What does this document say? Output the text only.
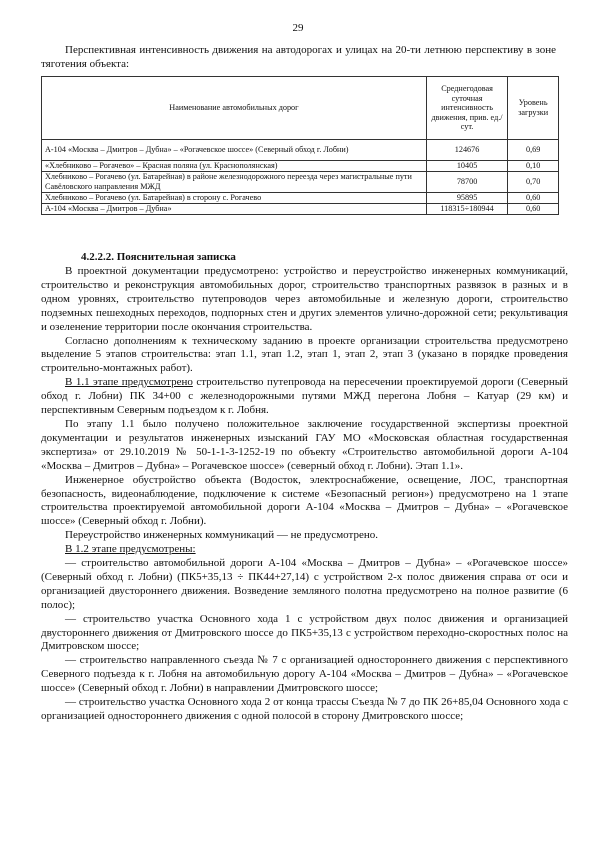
29
Перспективная интенсивность движения на автодорогах и улицах на 20-ти летнюю перспективу в зоне тяготения объекта:
Наименование автомобильных дорог	Среднегодовая суточная интенсивность движения, прив. ед./сут.	Уровень загрузки
А-104 «Москва – Дмитров – Дубна» – «Рогачевское шоссе» (Северный обход г. Лобни)	124676	0,69
«Хлебниково – Рогачево» – Красная поляна (ул. Краснополянская)	10405	0,10
Хлебниково – Рогачево (ул. Батарейная) в районе железнодорожного переезда через магистральные пути Савёловского направления МЖД	78700	0,70
Хлебниково – Рогачево (ул. Батарейная) в сторону с. Рогачево	95895	0,60
А-104 «Москва – Дмитров – Дубна»	118315÷180944	0,60
4.2.2.2. Пояснительная записка

В проектной документации предусмотрено: устройство и переустройство инженерных коммуникаций, строительство и реконструкция автомобильных дорог, строительство транспортных развязок в разных и в одном уровнях, строительство путепроводов через автомобильные и железную дороги, строительство подземных пешеходных переходов, подпорных стен и других элементов улично-дорожной сети; рекультивация и озеленение территории после окончания строительства.

Согласно дополнениям к техническому заданию в проекте организации строительства предусмотрено выделение 5 этапов строительства: этап 1.1, этап 1.2, этап 1, этап 2, этап 3 (указано в порядке проведения строительно-монтажных работ).

В 1.1 этапе предусмотрено строительство путепровода на пересечении проектируемой дороги (Северный обход г. Лобни) ПК 34+00 с железнодорожными путями МЖД перегона Лобня – Катуар (29 км) и перспективным Северным подъездом к г. Лобня.

По этапу 1.1 было получено положительное заключение государственной экспертизы проектной документации и результатов инженерных изысканий ГАУ МО «Московская областная государственная экспертиза» от 29.10.2019 № 50-1-1-3-1252-19 по объекту «Строительство автомобильной дороги А-104 «Москва – Дмитров – Дубна» – Рогачевское шоссе» (северный обход г. Лобни). Этап 1.1».

Инженерное обустройство объекта (Водосток, электроснабжение, освещение, ЛОС, транспортная безопасность, видеонаблюдение, подключение к системе «Безопасный регион») предусмотрено на 1 этапе строительства проектируемой автомобильной дороги А-104 «Москва – Дмитров – Дубна» – «Рогачевское шоссе» (Северный обход г. Лобни).

Переустройство инженерных коммуникаций — не предусмотрено.

В 1.2 этапе предусмотрены:

— строительство автомобильной дороги А-104 «Москва – Дмитров – Дубна» – «Рогачевское шоссе» (Северный обход г. Лобни) (ПК5+35,13 ÷ ПК44+27,14) с устройством 2-х полос движения справа от оси и организацией двустороннего движения. Возведение земляного полотна предусмотрено на полное развитие (6 полос);

— строительство участка Основного хода 1 с устройством двух полос движения и организацией двустороннего движения от Дмитровского шоссе до ПК5+35,13 с устройством переходно-скоростных полос на Дмитровском шоссе;

— строительство направленного съезда № 7 с организацией одностороннего движения с перспективного Северного подъезда к г. Лобня на автомобильную дорогу А-104 «Москва – Дмитров – Дубна» – «Рогачевское шоссе» (Северный обход г. Лобни) в направлении Дмитровского шоссе;

— строительство участка Основного хода 2 от конца трассы Съезда № 7 до ПК 26+85,04 Основного хода с организацией одностороннего движения с одной полосой в сторону Дмитровского шоссе;
